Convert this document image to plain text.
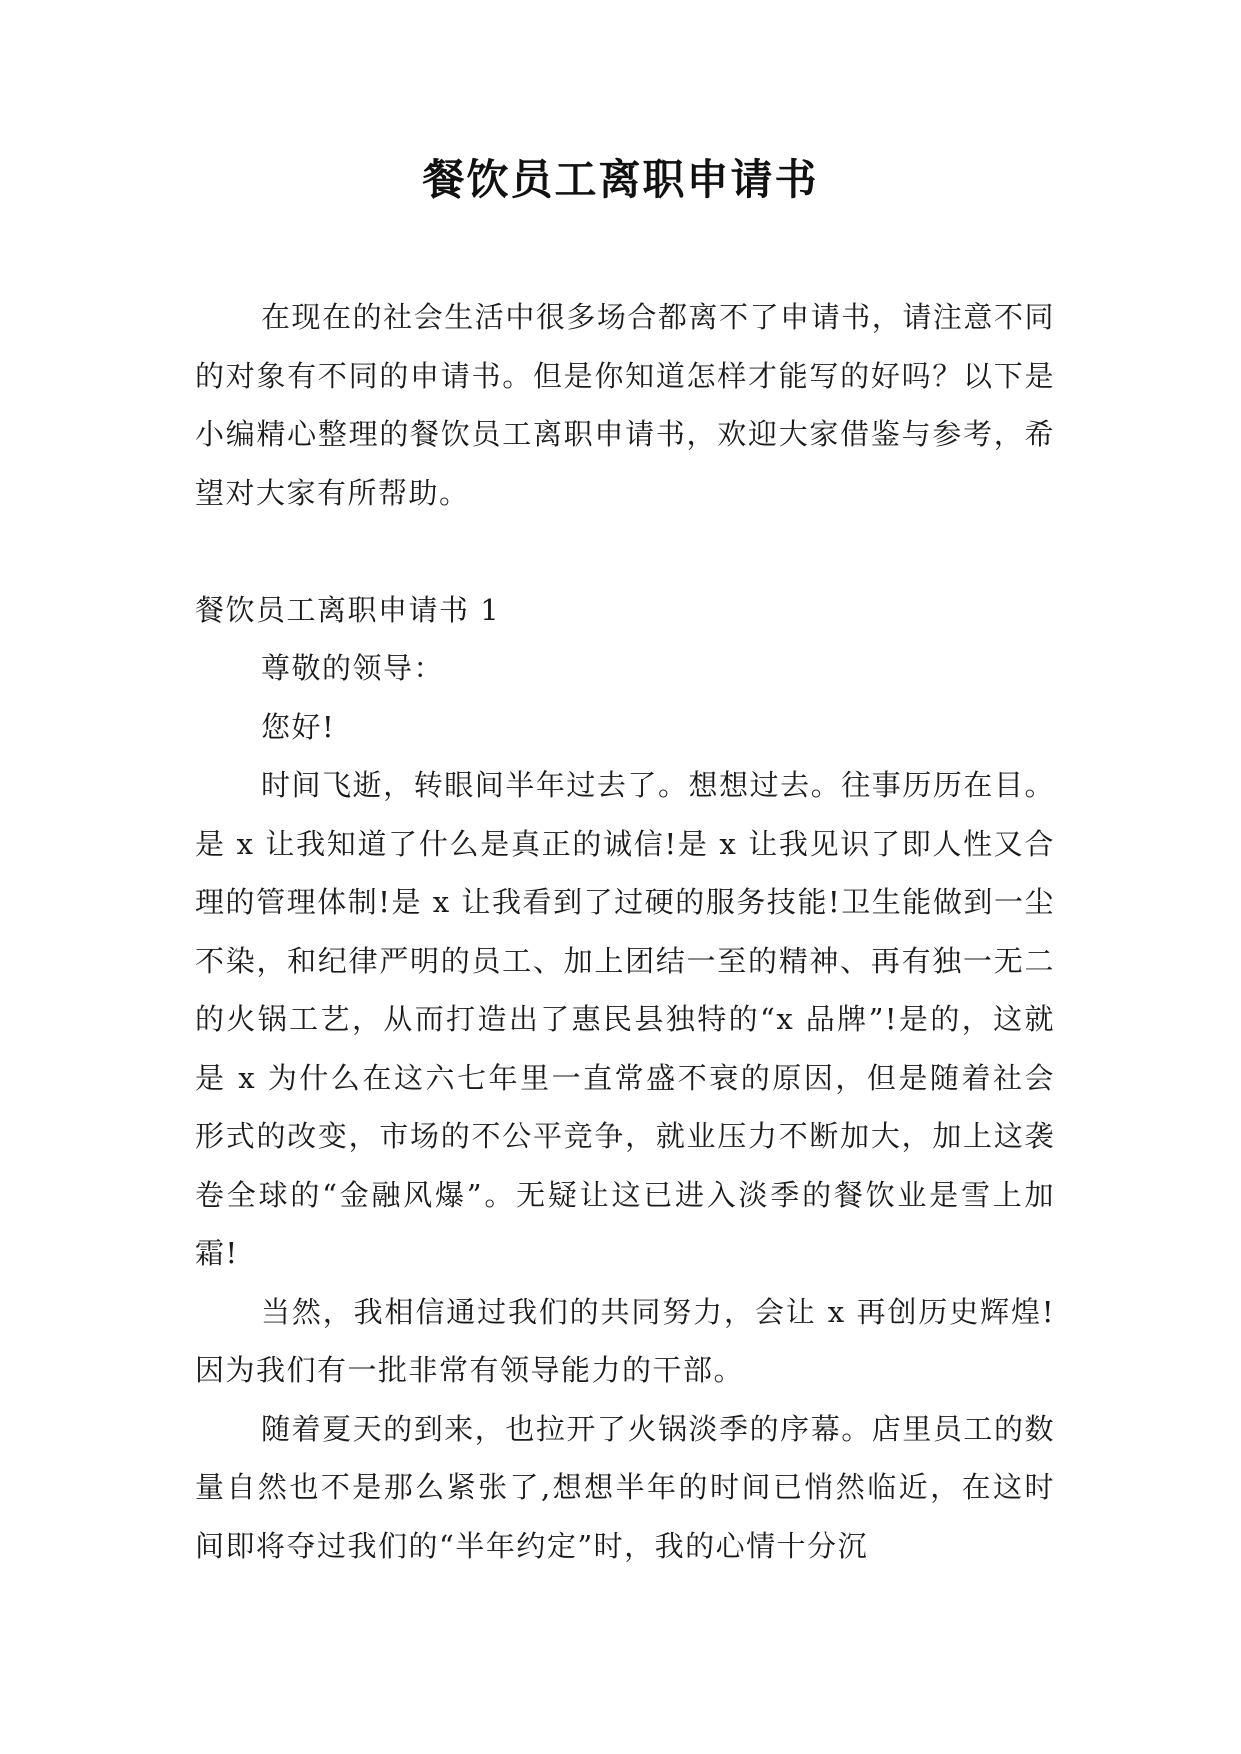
餐饮员工离职申请书

在现在的社会生活中很多场合都离不了申请书，请注意不同的对象有不同的申请书。但是你知道怎样才能写的好吗？以下是小编精心整理的餐饮员工离职申请书，欢迎大家借鉴与参考，希望对大家有所帮助。

餐饮员工离职申请书 1

尊敬的领导：

您好!

时间飞逝，转眼间半年过去了。想想过去。往事历历在目。是 x 让我知道了什么是真正的诚信!是 x 让我见识了即人性又合理的管理体制!是 x 让我看到了过硬的服务技能!卫生能做到一尘不染，和纪律严明的员工、加上团结一至的精神、再有独一无二的火锅工艺，从而打造出了惠民县独特的“x 品牌”!是的，这就是 x 为什么在这六七年里一直常盛不衰的原因，但是随着社会形式的改变，市场的不公平竞争，就业压力不断加大，加上这袭卷全球的“金融风爆”。无疑让这已进入淡季的餐饮业是雪上加霜!

当然，我相信通过我们的共同努力，会让 x 再创历史辉煌!因为我们有一批非常有领导能力的干部。

随着夏天的到来，也拉开了火锅淡季的序幕。店里员工的数量自然也不是那么紧张了,想想半年的时间已悄然临近，在这时间即将夺过我们的“半年约定”时，我的心情十分沉
